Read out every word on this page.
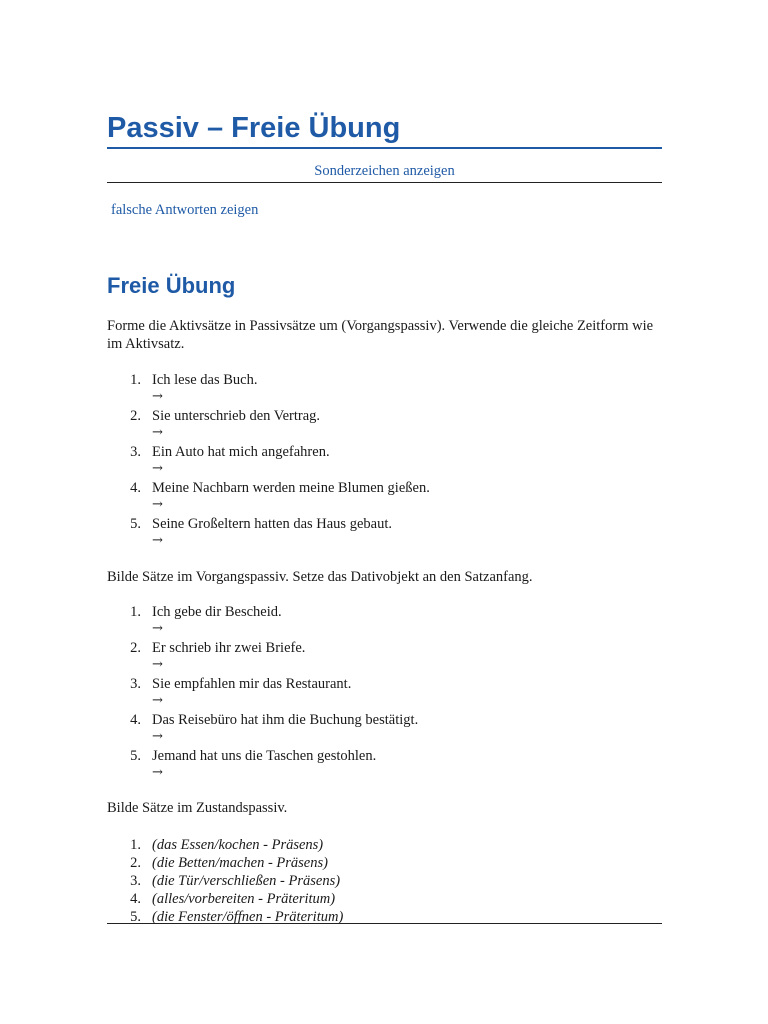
Passiv – Freie Übung
Sonderzeichen anzeigen
falsche Antworten zeigen
Freie Übung

Forme die Aktivsätze in Passivsätze um (Vorgangspassiv). Verwende die gleiche Zeitform wie im Aktivsatz.

1. Ich lese das Buch.
→
2. Sie unterschrieb den Vertrag.
→
3. Ein Auto hat mich angefahren.
→
4. Meine Nachbarn werden meine Blumen gießen.
→
5. Seine Großeltern hatten das Haus gebaut.
→

Bilde Sätze im Vorgangspassiv. Setze das Dativobjekt an den Satzanfang.

1. Ich gebe dir Bescheid.
→
2. Er schrieb ihr zwei Briefe.
→
3. Sie empfahlen mir das Restaurant.
→
4. Das Reisebüro hat ihm die Buchung bestätigt.
→
5. Jemand hat uns die Taschen gestohlen.
→

Bilde Sätze im Zustandspassiv.

1. (das Essen/kochen - Präsens)
2. (die Betten/machen - Präsens)
3. (die Tür/verschließen - Präsens)
4. (alles/vorbereiten - Präteritum)
5. (die Fenster/öffnen - Präteritum)
